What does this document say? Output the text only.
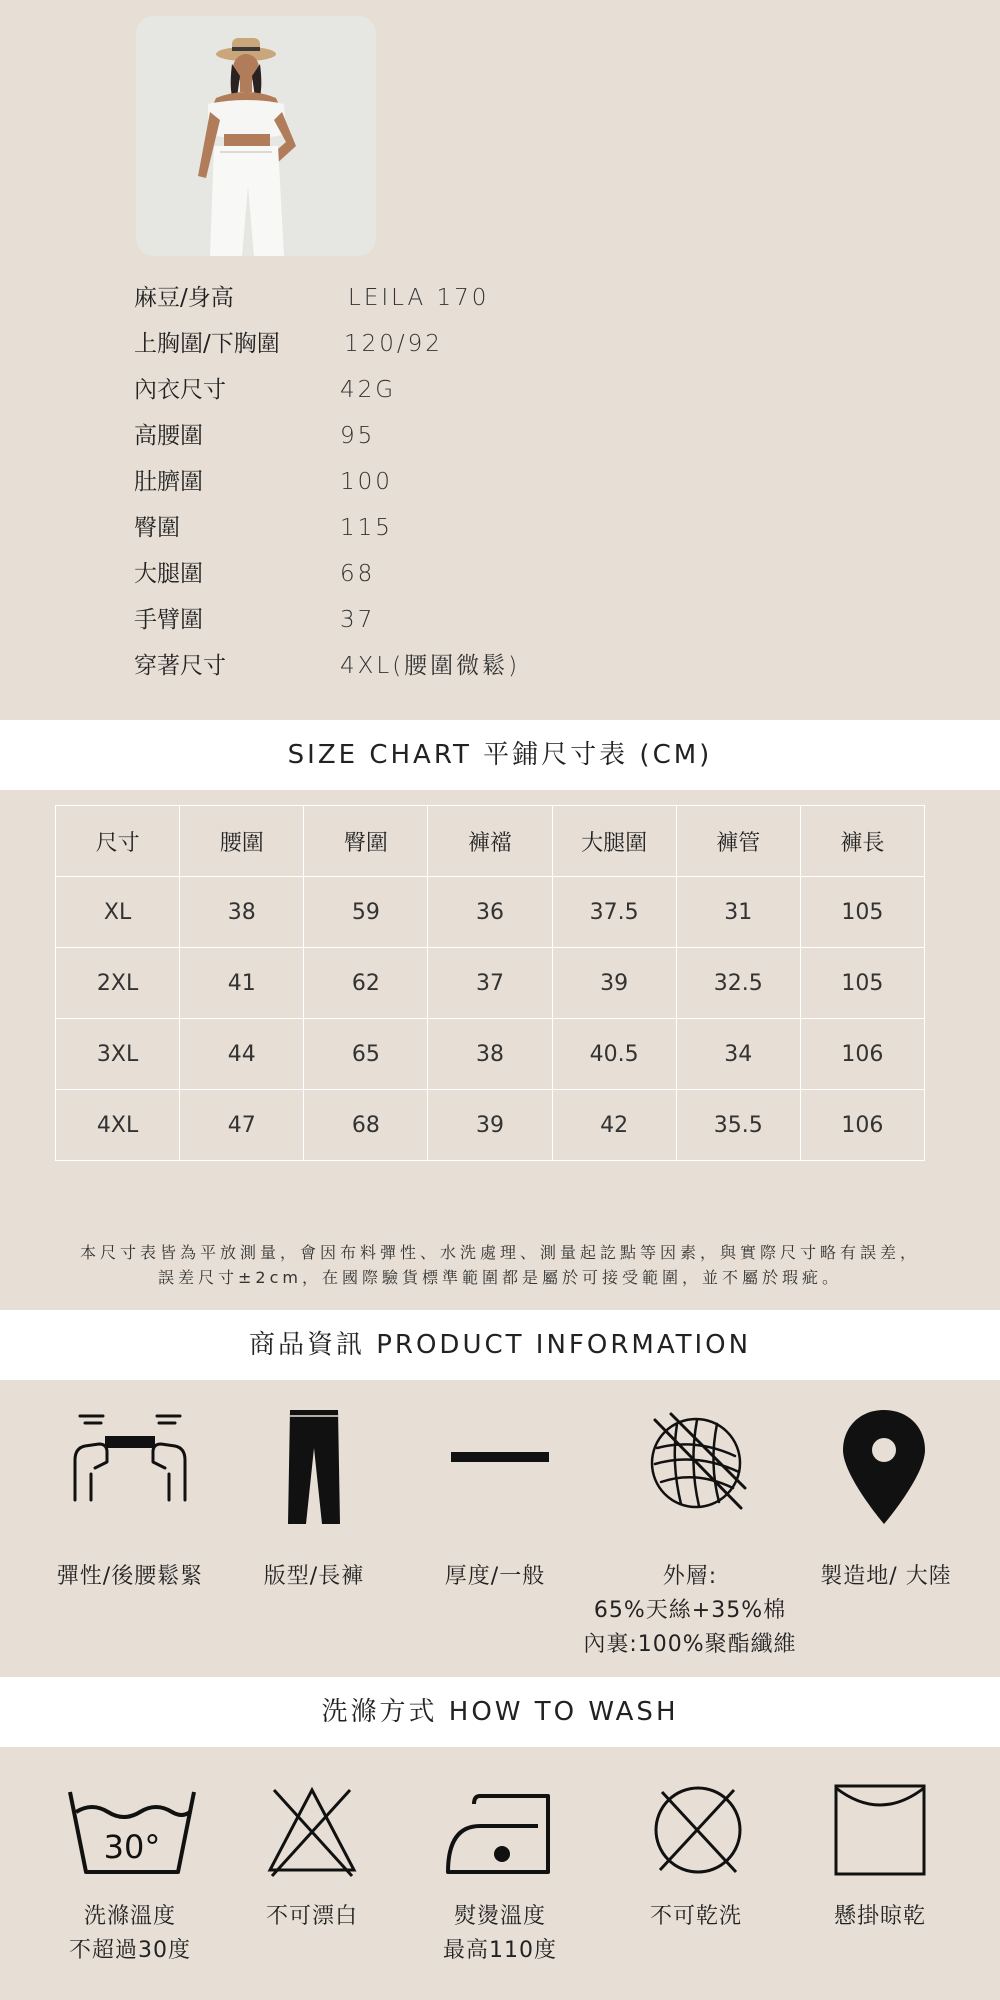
麻豆/身高	LEILA 170
上胸圍/下胸圍	120/92
內衣尺寸	42G
高腰圍	95
肚臍圍	100
臀圍	115
大腿圍	68
手臂圍	37
穿著尺寸	4XL(腰圍微鬆)
SIZE CHART 平鋪尺寸表 (CM)
尺寸	腰圍	臀圍	褲襠	大腿圍	褲管	褲長
XL	38	59	36	37.5	31	105
2XL	41	62	37	39	32.5	105
3XL	44	65	38	40.5	34	106
4XL	47	68	39	42	35.5	106
本尺寸表皆為平放測量，會因布料彈性、水洗處理、測量起訖點等因素，與實際尺寸略有誤差，
誤差尺寸±2cm，在國際驗貨標準範圍都是屬於可接受範圍，並不屬於瑕疵。
商品資訊 PRODUCT INFORMATION
彈性/後腰鬆緊	版型/長褲	厚度/一般	外層:
65%天絲+35%棉
內裏:100%聚酯纖維
製造地/ 大陸
洗滌方式 HOW TO WASH
30°
洗滌溫度
不超過30度
不可漂白	熨燙溫度
最高110度
不可乾洗	懸掛晾乾
